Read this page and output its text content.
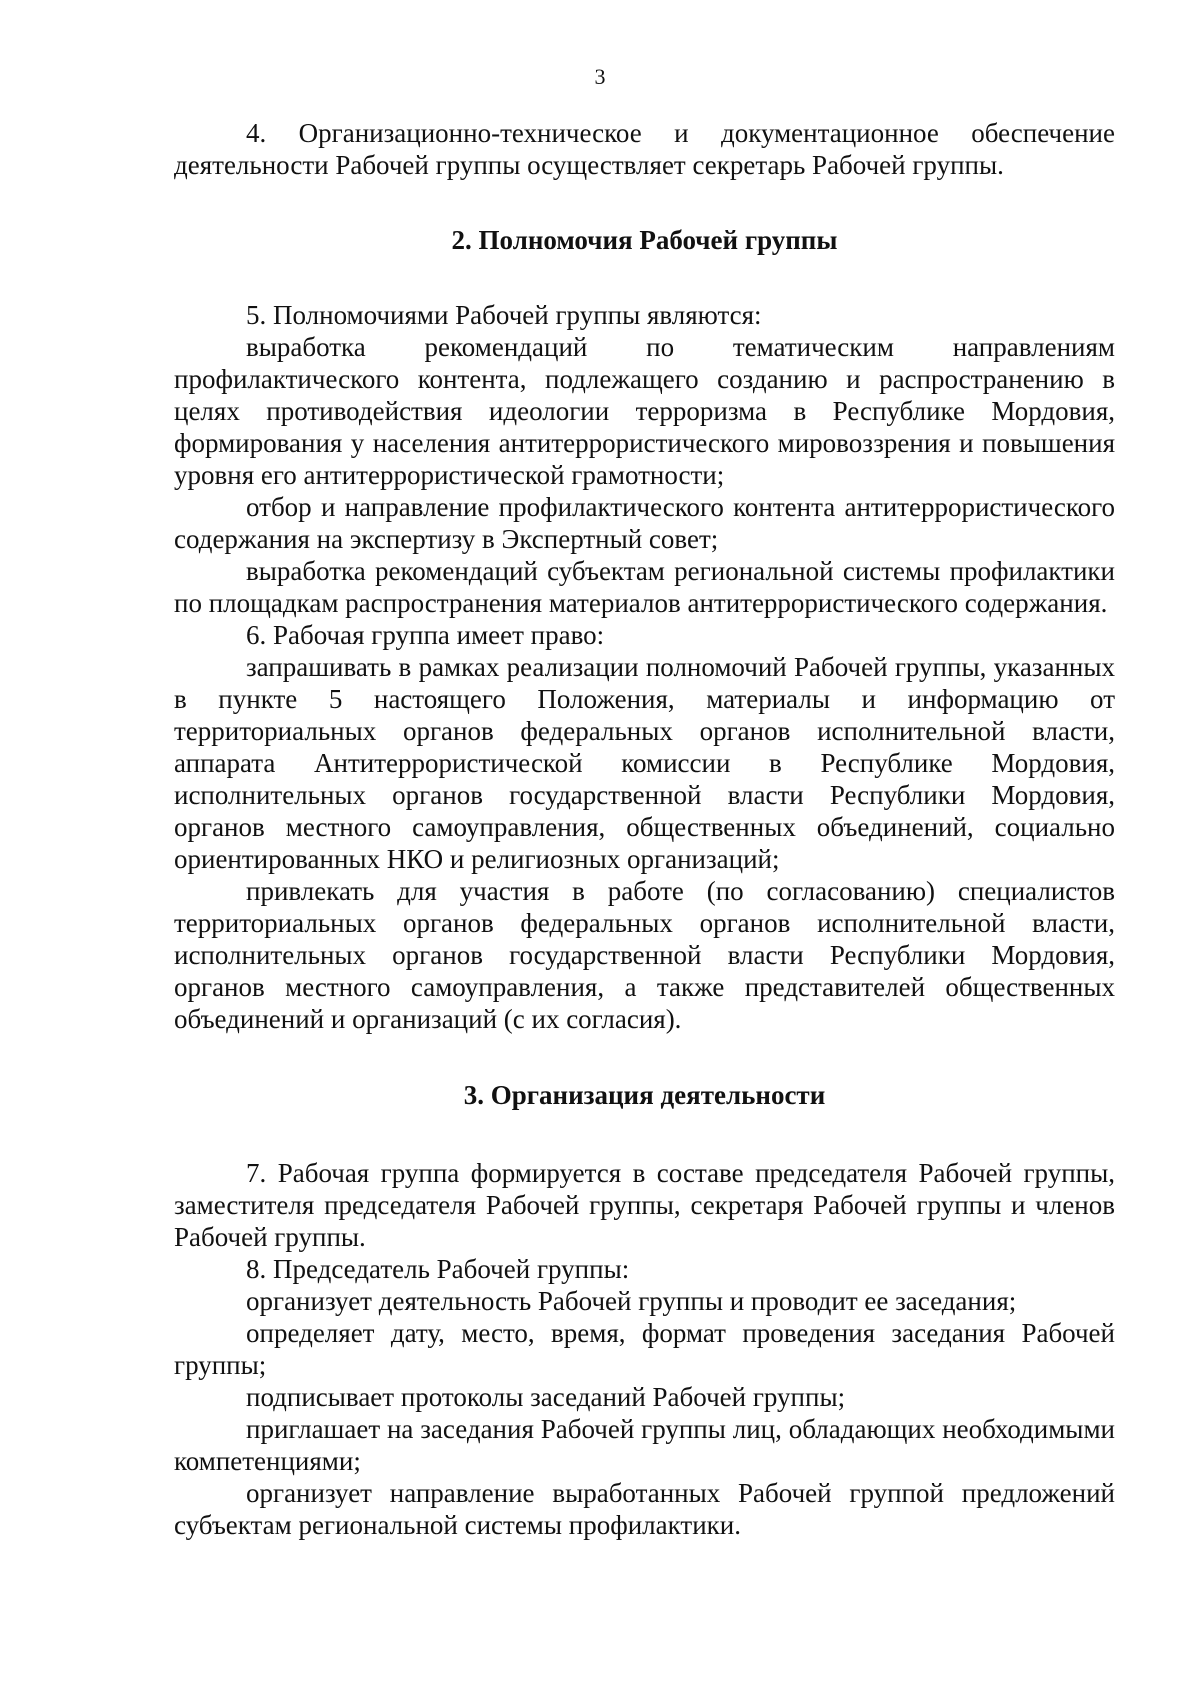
3

4. Организационно-техническое и документационное обеспечение деятельности Рабочей группы осуществляет секретарь Рабочей группы.

2. Полномочия Рабочей группы

5. Полномочиями Рабочей группы являются:

выработка рекомендаций по тематическим направлениям профилактического контента, подлежащего созданию и распространению в целях противодействия идеологии терроризма в Республике Мордовия, формирования у населения антитеррористического мировоззрения и повышения уровня его антитеррористической грамотности;

отбор и направление профилактического контента антитеррористического содержания на экспертизу в Экспертный совет;

выработка рекомендаций субъектам региональной системы профилактики по площадкам распространения материалов антитеррористического содержания.

6. Рабочая группа имеет право:

запрашивать в рамках реализации полномочий Рабочей группы, указанных в пункте 5 настоящего Положения, материалы и информацию от территориальных органов федеральных органов исполнительной власти, аппарата Антитеррористической комиссии в Республике Мордовия, исполнительных органов государственной власти Республики Мордовия, органов местного самоуправления, общественных объединений, социально ориентированных НКО и религиозных организаций;

привлекать для участия в работе (по согласованию) специалистов территориальных органов федеральных органов исполнительной власти, исполнительных органов государственной власти Республики Мордовия, органов местного самоуправления, а также представителей общественных объединений и организаций (с их согласия).

3. Организация деятельности

7. Рабочая группа формируется в составе председателя Рабочей группы, заместителя председателя Рабочей группы, секретаря Рабочей группы и членов Рабочей группы.

8. Председатель Рабочей группы:

организует деятельность Рабочей группы и проводит ее заседания;

определяет дату, место, время, формат проведения заседания Рабочей группы;

подписывает протоколы заседаний Рабочей группы;

приглашает на заседания Рабочей группы лиц, обладающих необходимыми компетенциями;

организует направление выработанных Рабочей группой предложений субъектам региональной системы профилактики.
